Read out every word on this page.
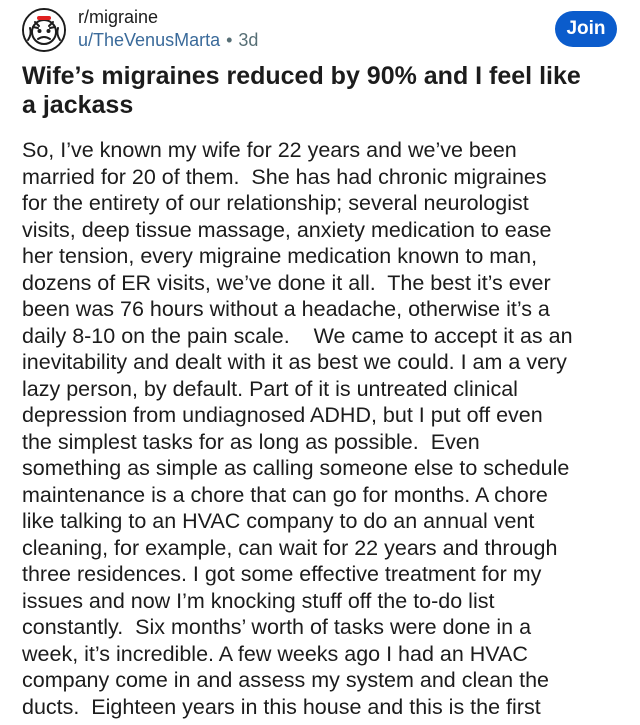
r/migraine
u/TheVenusMarta • 3d
Join
Wife’s migraines reduced by 90% and I feel like
a jackass
So, I’ve known my wife for 22 years and we’ve been
married for 20 of them.  She has had chronic migraines
for the entirety of our relationship; several neurologist
visits, deep tissue massage, anxiety medication to ease
her tension, every migraine medication known to man,
dozens of ER visits, we’ve done it all.  The best it’s ever
been was 76 hours without a headache, otherwise it’s a
daily 8-10 on the pain scale.    We came to accept it as an
inevitability and dealt with it as best we could. I am a very
lazy person, by default. Part of it is untreated clinical
depression from undiagnosed ADHD, but I put off even
the simplest tasks for as long as possible.  Even
something as simple as calling someone else to schedule
maintenance is a chore that can go for months. A chore
like talking to an HVAC company to do an annual vent
cleaning, for example, can wait for 22 years and through
three residences. I got some effective treatment for my
issues and now I’m knocking stuff off the to-do list
constantly.  Six months’ worth of tasks were done in a
week, it’s incredible. A few weeks ago I had an HVAC
company come in and assess my system and clean the
ducts.  Eighteen years in this house and this is the first
